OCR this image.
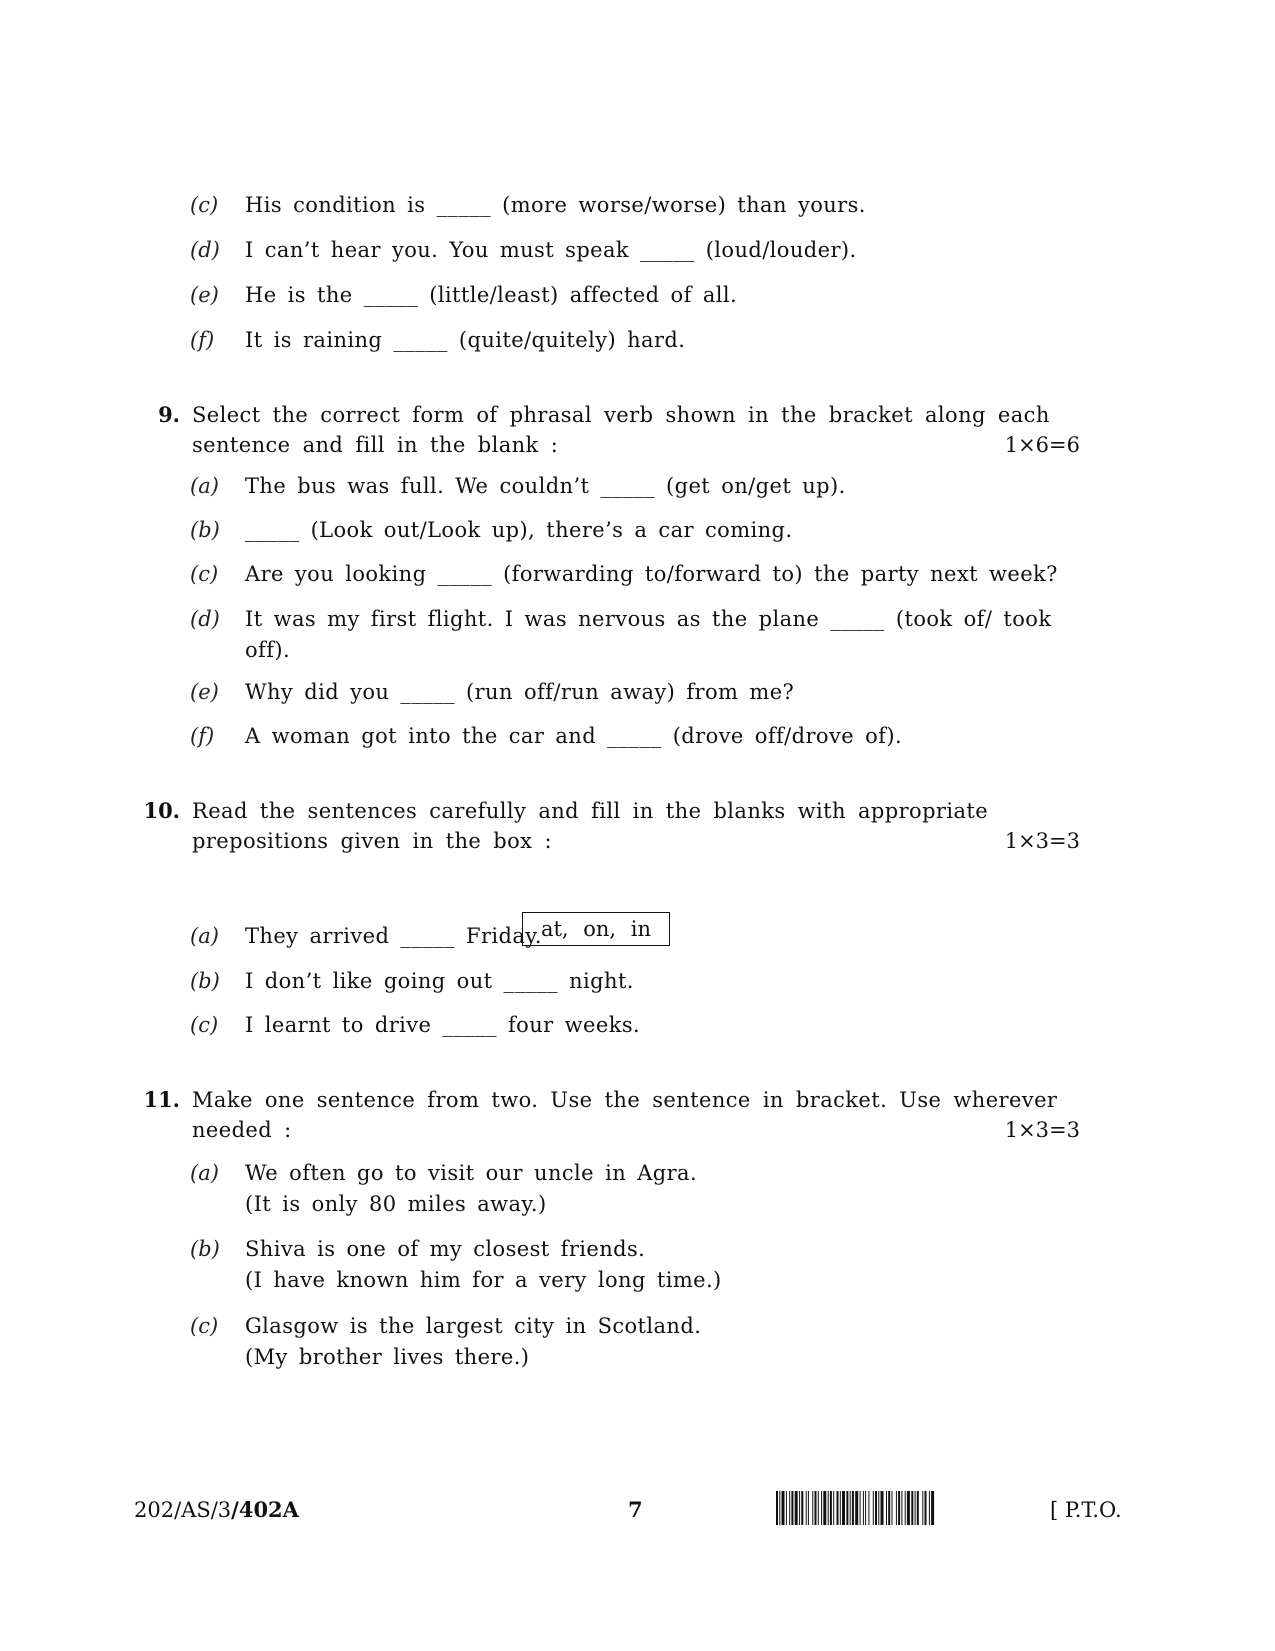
(c)	His condition is _____ (more worse/worse) than yours.
(d)	I can’t hear you. You must speak _____ (loud/louder).
(e)	He is the _____ (little/least) affected of all.
(f)	It is raining _____ (quite/quitely) hard.
9. Select the correct form of phrasal verb shown in the bracket along each sentence and fill in the blank :	1×6=6
(a)	The bus was full. We couldn’t _____ (get on/get up).
(b)	_____ (Look out/Look up), there’s a car coming.
(c)	Are you looking _____ (forwarding to/forward to) the party next week?
(d)	It was my first flight. I was nervous as the plane _____ (took of/ took off).
(e)	Why did you _____ (run off/run away) from me?
(f)	A woman got into the car and _____ (drove off/drove of).
10. Read the sentences carefully and fill in the blanks with appropriate prepositions given in the box :	1×3=3
at, on, in
(a)	They arrived _____ Friday.
(b)	I don’t like going out _____ night.
(c)	I learnt to drive _____ four weeks.
11. Make one sentence from two. Use the sentence in bracket. Use wherever needed :	1×3=3
(a)	We often go to visit our uncle in Agra.
(It is only 80 miles away.)
(b)	Shiva is one of my closest friends.
(I have known him for a very long time.)
(c)	Glasgow is the largest city in Scotland.
(My brother lives there.)
202/AS/3/402A	7	[ P.T.O.
